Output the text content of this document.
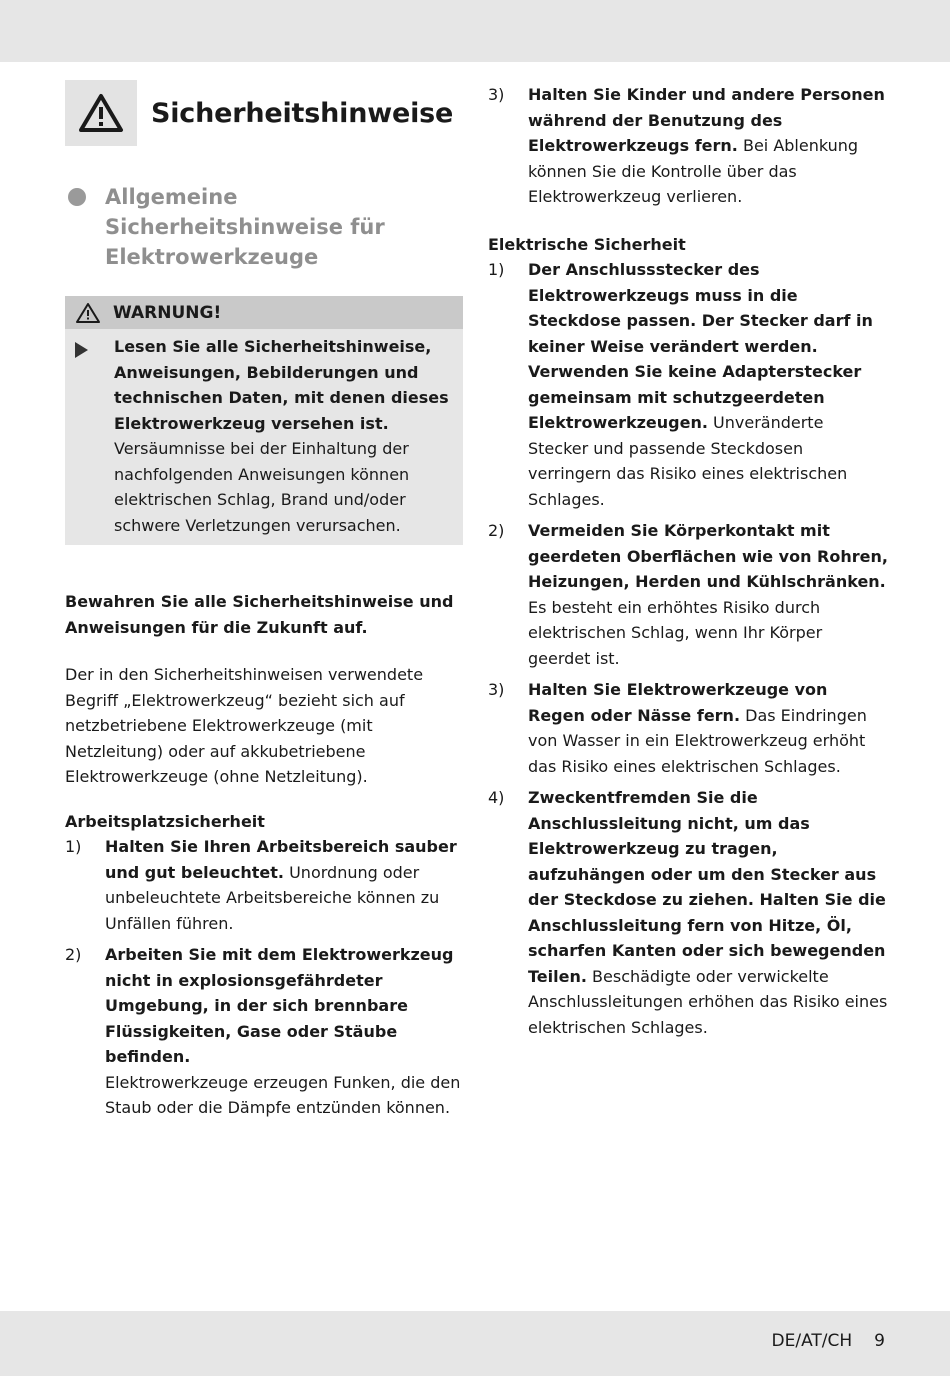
Sicherheitshinweise
Allgemeine Sicherheitshinweise für Elektrowerkzeuge
WARNUNG!
Lesen Sie alle Sicherheitshinweise, Anweisungen, Bebilderungen und technischen Daten, mit denen dieses Elektrowerkzeug versehen ist. Versäumnisse bei der Einhaltung der nachfolgenden Anweisungen können elektrischen Schlag, Brand und/oder schwere Verletzungen verursachen.

Bewahren Sie alle Sicherheitshinweise und Anweisungen für die Zukunft auf.

Der in den Sicherheitshinweisen verwendete Begriff „Elektrowerkzeug“ bezieht sich auf netzbetriebene Elektrowerkzeuge (mit Netzleitung) oder auf akkubetriebene Elektrowerkzeuge (ohne Netzleitung).

Arbeitsplatzsicherheit
1)	Halten Sie Ihren Arbeitsbereich sauber und gut beleuchtet. Unordnung oder unbeleuchtete Arbeitsbereiche können zu Unfällen führen.
2)	Arbeiten Sie mit dem Elektrowerkzeug nicht in explosionsgefährdeter Umgebung, in der sich brennbare Flüssigkeiten, Gase oder Stäube befinden.
Elektrowerkzeuge erzeugen Funken, die den Staub oder die Dämpfe entzünden können.
3)	Halten Sie Kinder und andere Personen während der Benutzung des Elektrowerkzeugs fern. Bei Ablenkung können Sie die Kontrolle über das Elektrowerkzeug verlieren.
Elektrische Sicherheit
1)	Der Anschlussstecker des Elektrowerkzeugs muss in die Steckdose passen. Der Stecker darf in keiner Weise verändert werden. Verwenden Sie keine Adapterstecker gemeinsam mit schutzgeerdeten Elektrowerkzeugen. Unveränderte Stecker und passende Steckdosen verringern das Risiko eines elektrischen Schlages.
2)	Vermeiden Sie Körperkontakt mit geerdeten Oberflächen wie von Rohren, Heizungen, Herden und Kühlschränken. Es besteht ein erhöhtes Risiko durch elektrischen Schlag, wenn Ihr Körper geerdet ist.
3)	Halten Sie Elektrowerkzeuge von Regen oder Nässe fern. Das Eindringen von Wasser in ein Elektrowerkzeug erhöht das Risiko eines elektrischen Schlages.
4)	Zweckentfremden Sie die Anschlussleitung nicht, um das Elektrowerkzeug zu tragen, aufzuhängen oder um den Stecker aus der Steckdose zu ziehen. Halten Sie die Anschlussleitung fern von Hitze, Öl, scharfen Kanten oder sich bewegenden Teilen. Beschädigte oder verwickelte Anschlussleitungen erhöhen das Risiko eines elektrischen Schlages.
DE/AT/CH 9
